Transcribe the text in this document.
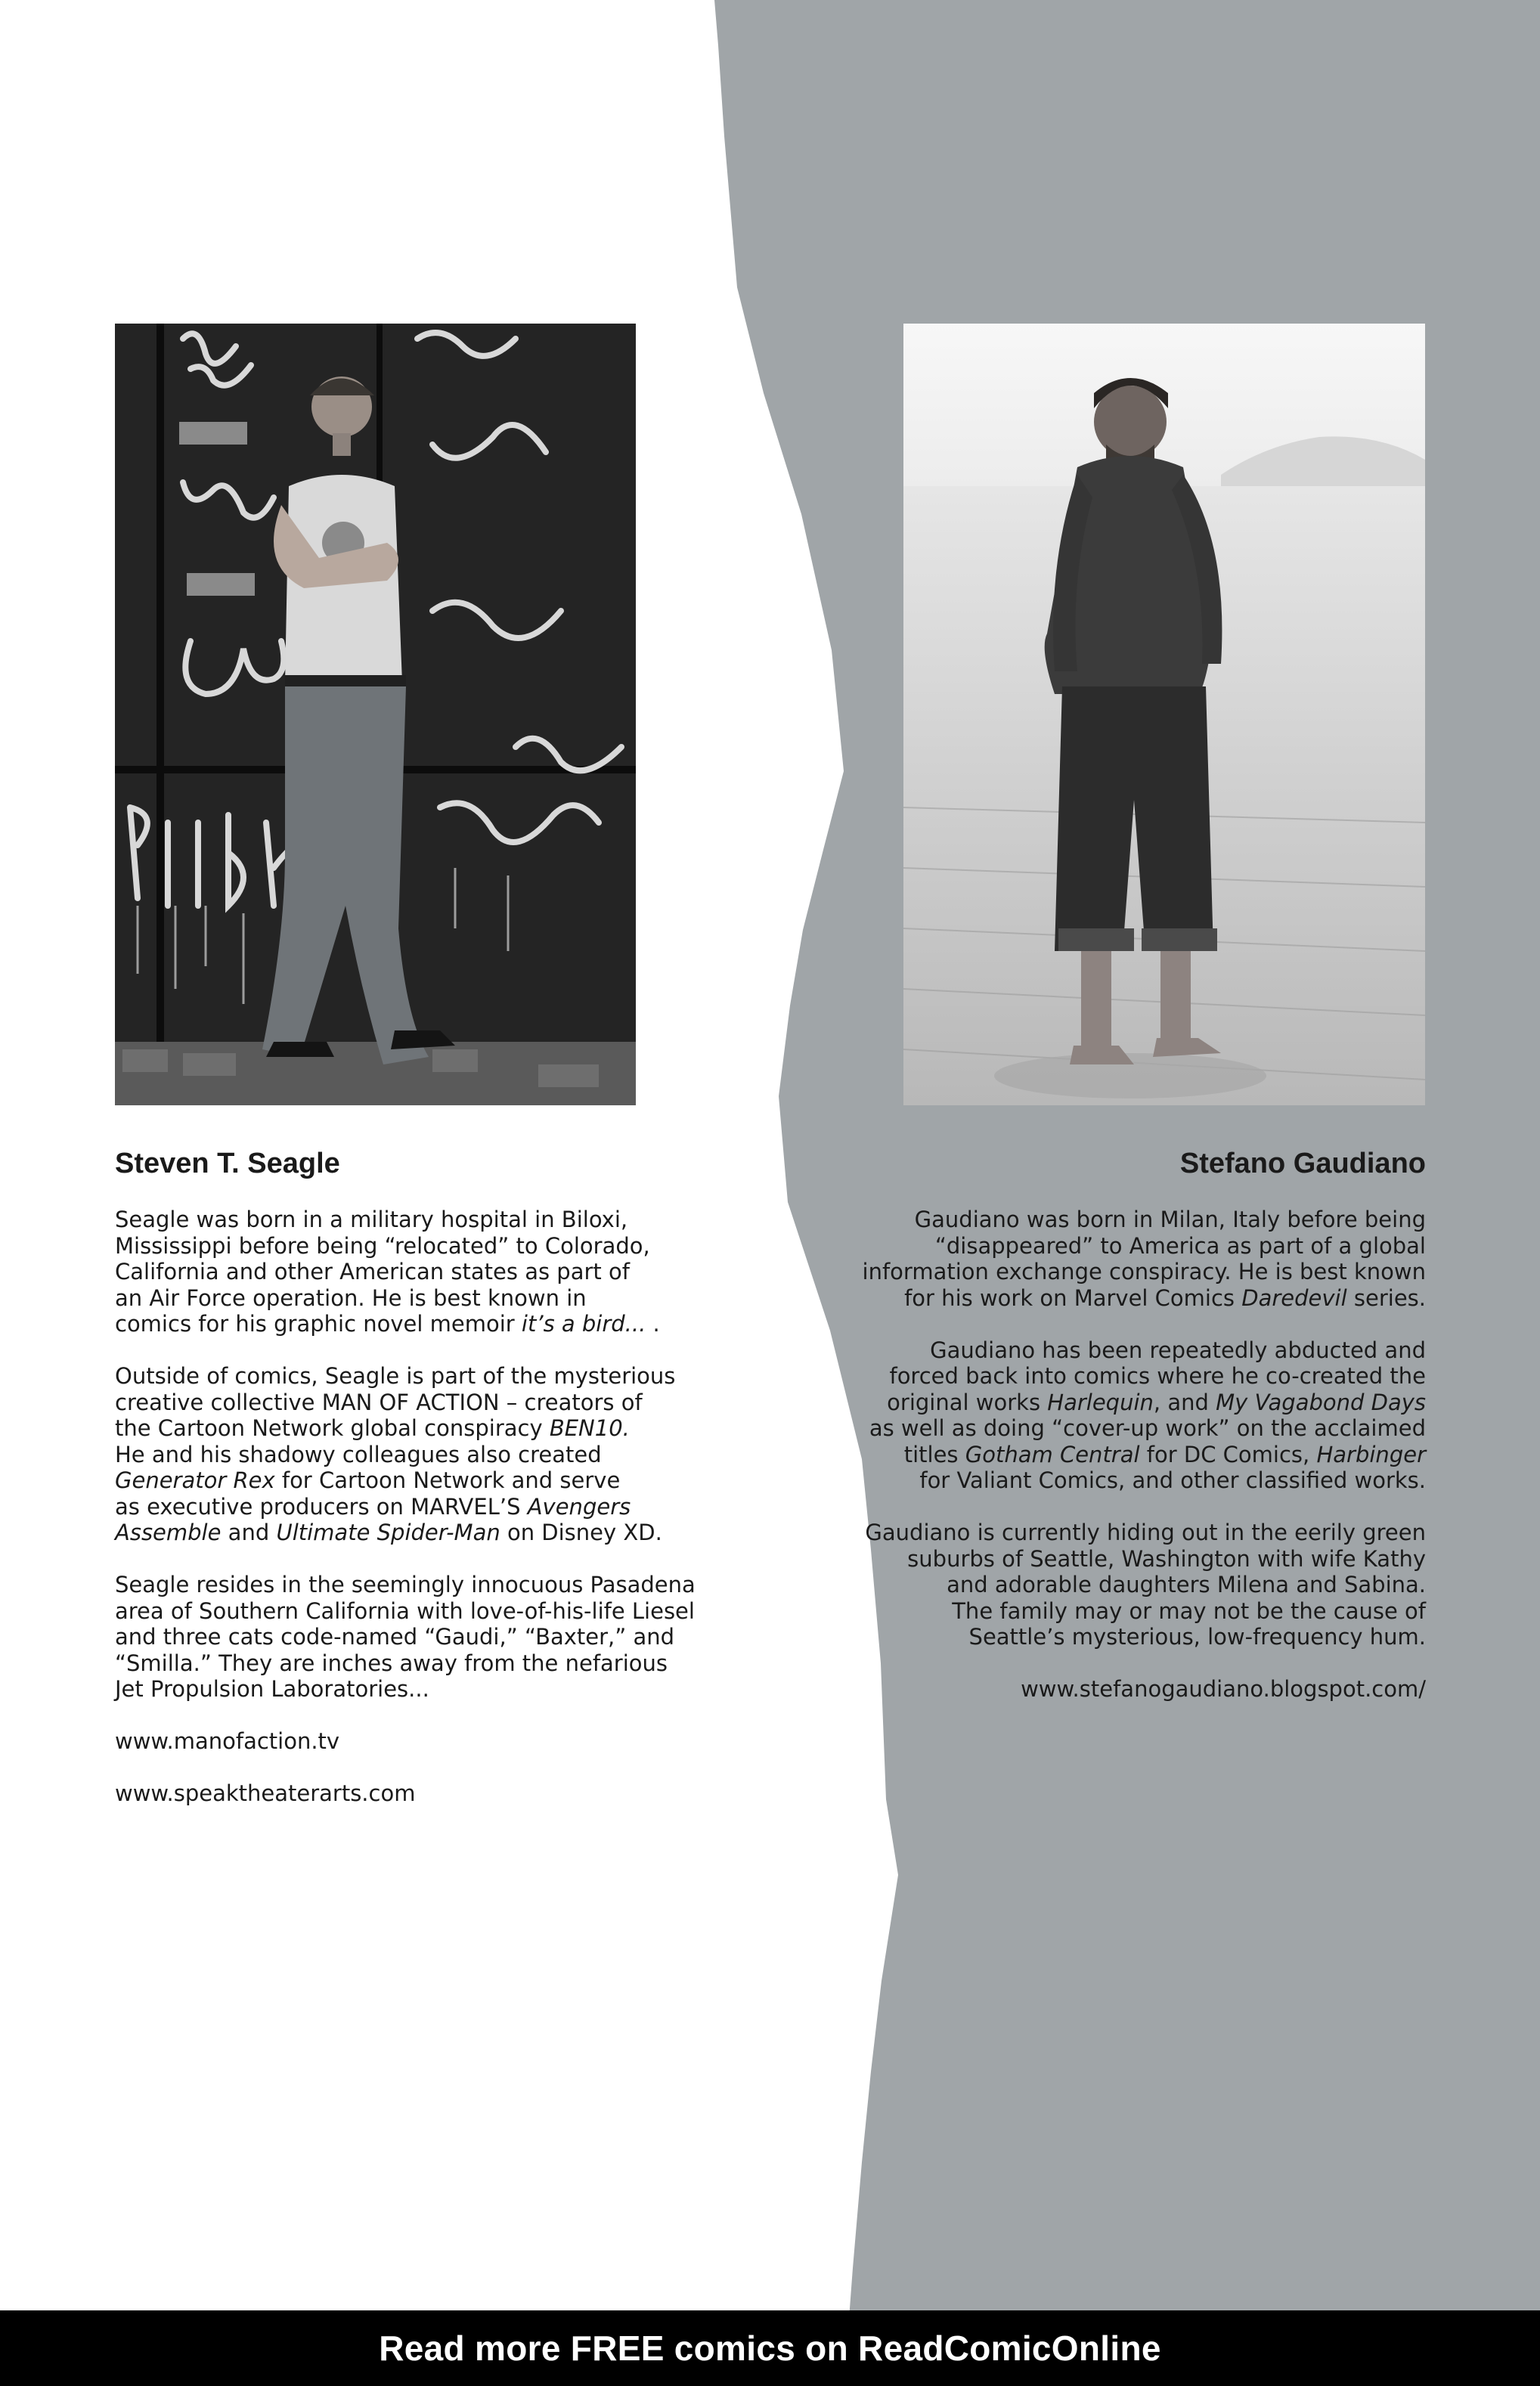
Steven T. Seagle	Stefano Gaudiano
Seagle was born in a military hospital in Biloxi,
Mississippi before being “relocated” to Colorado,
California and other American states as part of
an Air Force operation. He is best known in
comics for his graphic novel memoir it’s a bird... .
Outside of comics, Seagle is part of the mysterious
creative collective MAN OF ACTION – creators of
the Cartoon Network global conspiracy BEN10.
He and his shadowy colleagues also created
Generator Rex for Cartoon Network and serve
as executive producers on MARVEL’S Avengers
Assemble and Ultimate Spider-Man on Disney XD.
Seagle resides in the seemingly innocuous Pasadena
area of Southern California with love-of-his-life Liesel
and three cats code-named “Gaudi,” “Baxter,” and
“Smilla.” They are inches away from the nefarious
Jet Propulsion Laboratories...
www.manofaction.tv
www.speaktheaterarts.com
Gaudiano was born in Milan, Italy before being
“disappeared” to America as part of a global
information exchange conspiracy. He is best known
for his work on Marvel Comics Daredevil series.
Gaudiano has been repeatedly abducted and
forced back into comics where he co-created the
original works Harlequin, and My Vagabond Days
as well as doing “cover-up work” on the acclaimed
titles Gotham Central for DC Comics, Harbinger
for Valiant Comics, and other classified works.
Gaudiano is currently hiding out in the eerily green
suburbs of Seattle, Washington with wife Kathy
and adorable daughters Milena and Sabina.
The family may or may not be the cause of
Seattle’s mysterious, low-frequency hum.
www.stefanogaudiano.blogspot.com/
Read more FREE comics on ReadComicOnline
